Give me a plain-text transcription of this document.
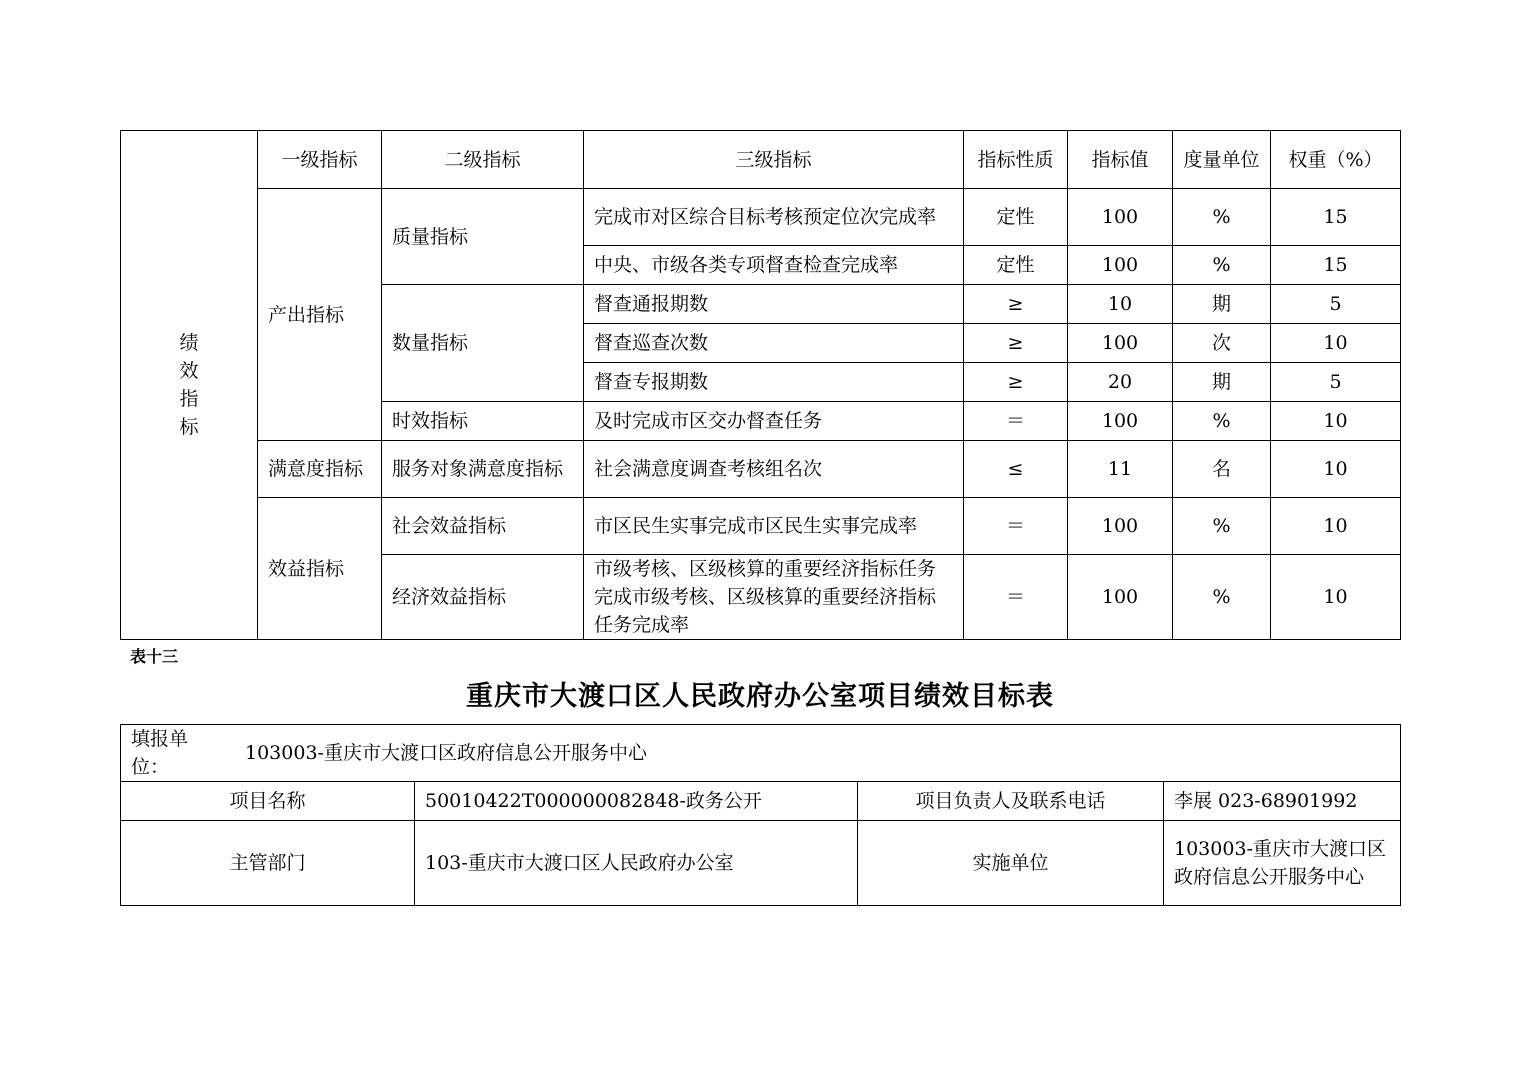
绩效指标	一级指标	二级指标	三级指标	指标性质	指标值	度量单位	权重（%）
	产出指标	质量指标	完成市对区综合目标考核预定位次完成率	定性	100	%	15
			中央、市级各类专项督查检查完成率	定性	100	%	15
		数量指标	督查通报期数	≥	10	期	5
			督查巡查次数	≥	100	次	10
			督查专报期数	≥	20	期	5
		时效指标	及时完成市区交办督查任务	＝	100	%	10
	满意度指标	服务对象满意度指标	社会满意度调查考核组名次	≤	11	名	10
	效益指标	社会效益指标	市区民生实事完成市区民生实事完成率	＝	100	%	10
		经济效益指标	市级考核、区级核算的重要经济指标任务完成市级考核、区级核算的重要经济指标任务完成率	＝	100	%	10
表十三
重庆市大渡口区人民政府办公室项目绩效目标表
填报单位：103003-重庆市大渡口区政府信息公开服务中心			
项目名称	50010422T000000082848-政务公开	项目负责人及联系电话	李展 023-68901992
主管部门	103-重庆市大渡口区人民政府办公室	实施单位	103003-重庆市大渡口区政府信息公开服务中心
